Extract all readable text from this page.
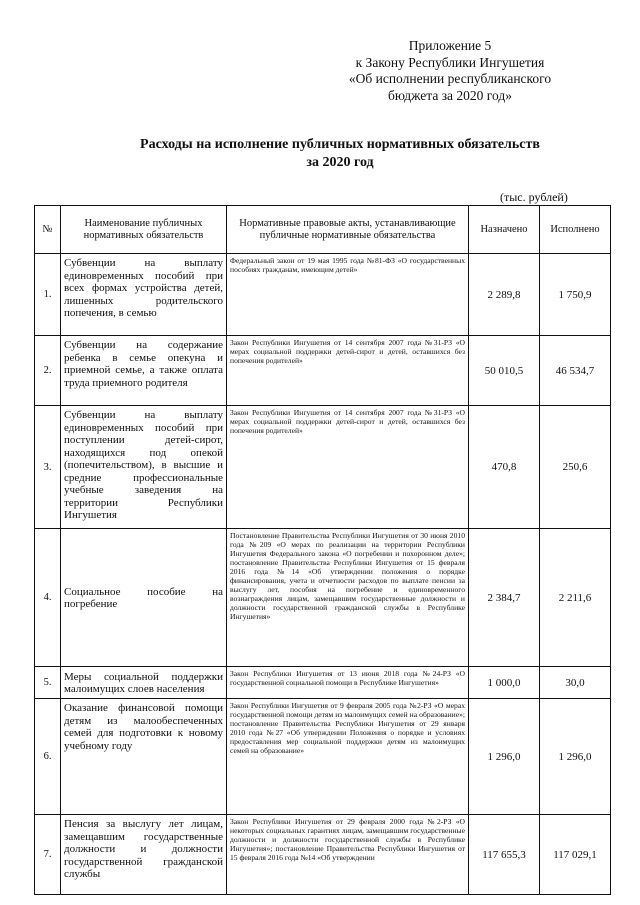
Приложение 5
к Закону Республики Ингушетия
«Об исполнении республиканского
бюджета за 2020 год»
Расходы на исполнение публичных нормативных обязательств
за 2020 год
(тыс. рублей)
№	Наименование публичных нормативных обязательств	Нормативные правовые акты, устанавливающие публичные нормативные обязательства	Назначено	Исполнено
1.	Субвенции на выплату единовременных пособий при всех формах устройства детей, лишенных родительского попечения, в семью	Федеральный закон от 19 мая 1995 года №81-ФЗ «О государственных пособиях гражданам, имеющим детей»	2 289,8	1 750,9
2.	Субвенции на содержание ребенка в семье опекуна и приемной семье, а также оплата труда приемного родителя	Закон Республики Ингушетия от 14 сентября 2007 года №31-РЗ «О мерах социальной поддержки детей-сирот и детей, оставшихся без попечения родителей»	50 010,5	46 534,7
3.	Субвенции на выплату единовременных пособий при поступлении детей-сирот, находящихся под опекой (попечительством), в высшие и средние профессиональные учебные заведения на территории Республики Ингушетия	Закон Республики Ингушетия от 14 сентября 2007 года №31-РЗ «О мерах социальной поддержки детей-сирот и детей, оставшихся без попечения родителей»	470,8	250,6
4.	Социальное пособие на погребение	Постановление Правительства Республики Ингушетия от 30 июня 2010 года №209 «О мерах по реализации на территории Республики Ингушетия Федерального закона «О погребении и похоронном деле»; постановление Правительства Республики Ингушетия от 15 февраля 2016 года №14 «Об утверждении положения о порядке финансирования, учета и отчетности расходов по выплате пенсии за выслугу лет, пособия на погребение и единовременного вознаграждения лицам, замещавшим государственные должности и должности государственной гражданской службы в Республике Ингушетия»	2 384,7	2 211,6
5.	Меры социальной поддержки малоимущих слоев населения	Закон Республики Ингушетия от 13 июня 2018 года №24-РЗ «О государственной социальной помощи в Республике Ингушетия»	1 000,0	30,0
6.	Оказание финансовой помощи детям из малообеспеченных семей для подготовки к новому учебному году	Закон Республики Ингушетия от 9 февраля 2005 года №2-РЗ «О мерах государственной помощи детям из малоимущих семей на образование»; постановление Правительства Республики Ингушетия от 29 января 2010 года №27 «Об утверждении Положения о порядке и условиях предоставления мер социальной поддержки детям из малоимущих семей на образование»	1 296,0	1 296,0
7.	Пенсия за выслугу лет лицам, замещавшим государственные должности и должности государственной гражданской службы	Закон Республики Ингушетия от 29 февраля 2000 года №2-РЗ «О некоторых социальных гарантиях лицам, замещавшим государственные должности и должности государственной службы в Республике Ингушетия»; постановление Правительства Республики Ингушетия от 15 февраля 2016 года №14 «Об утверждении	117 655,3	117 029,1
